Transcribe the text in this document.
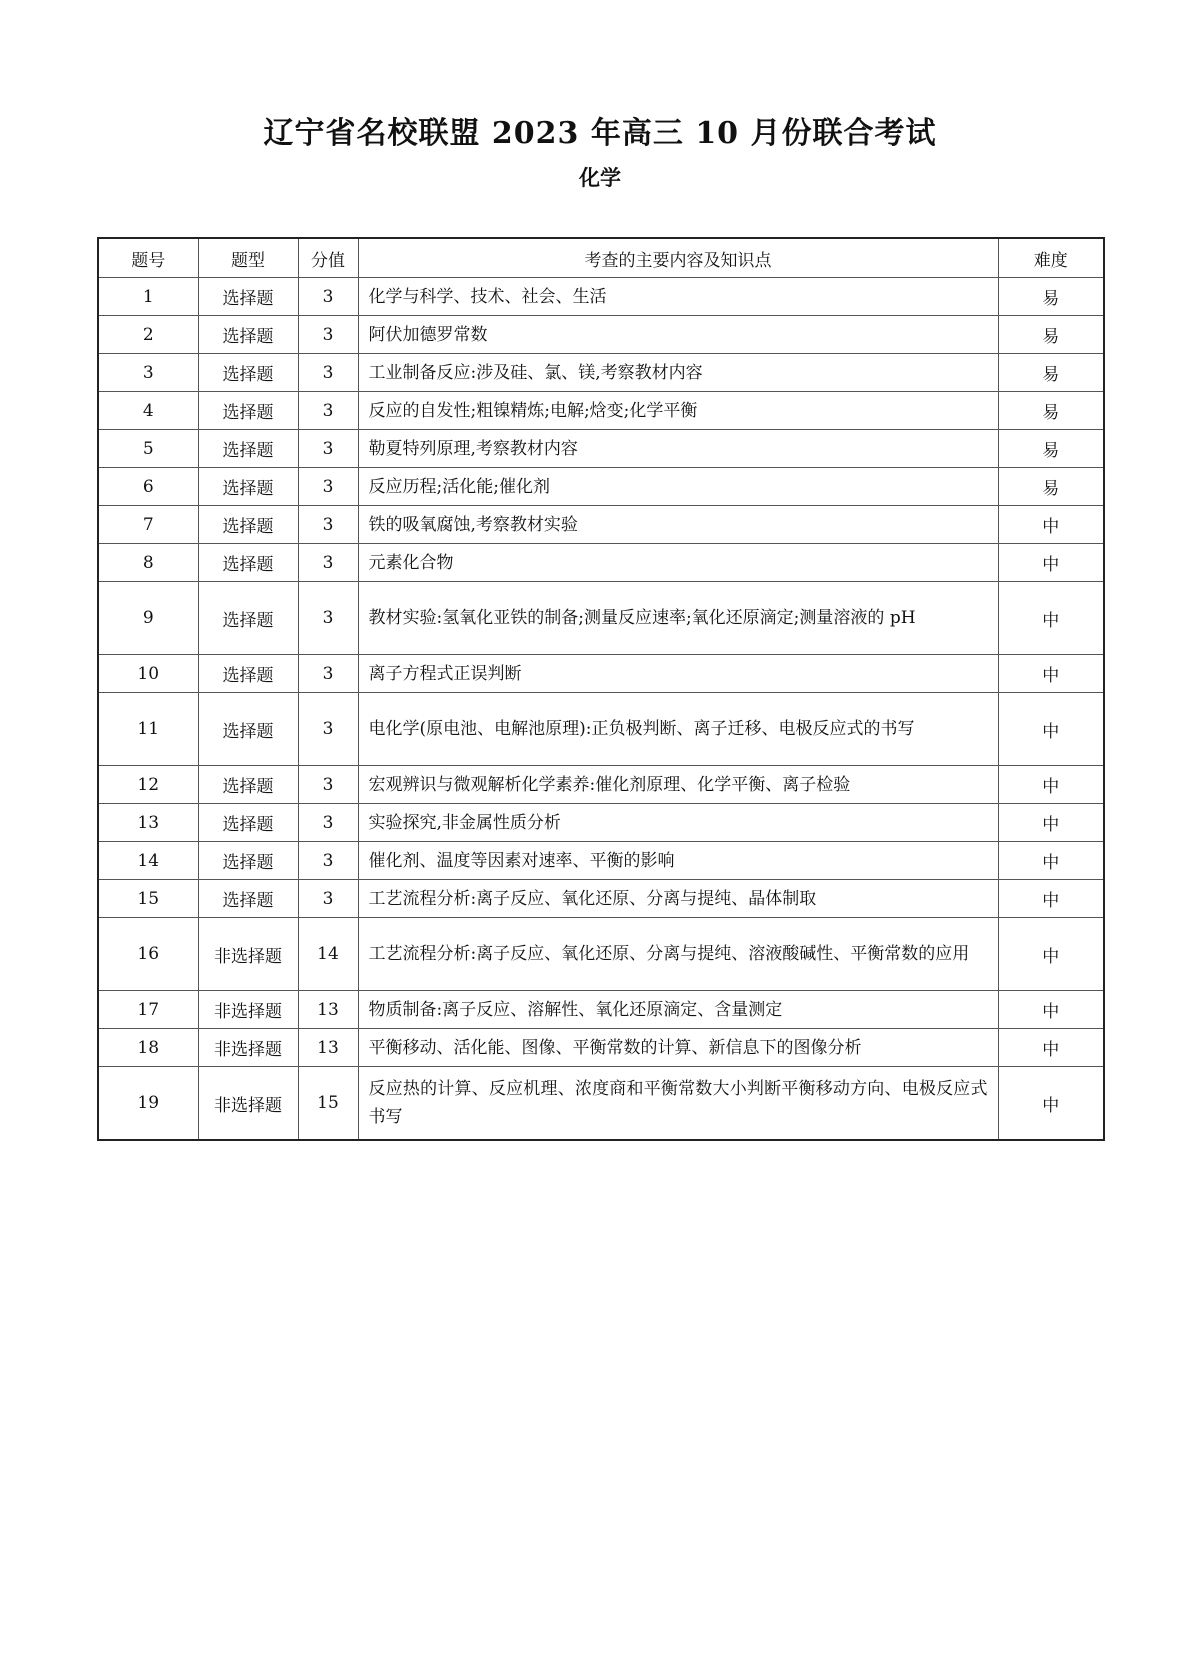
辽宁省名校联盟 2023 年高三 10 月份联合考试
化学
题号	题型	分值	考查的主要内容及知识点	难度
1	选择题	3	化学与科学、技术、社会、生活	易
2	选择题	3	阿伏加德罗常数	易
3	选择题	3	工业制备反应:涉及硅、氯、镁,考察教材内容	易
4	选择题	3	反应的自发性;粗镍精炼;电解;焓变;化学平衡	易
5	选择题	3	勒夏特列原理,考察教材内容	易
6	选择题	3	反应历程;活化能;催化剂	易
7	选择题	3	铁的吸氧腐蚀,考察教材实验	中
8	选择题	3	元素化合物	中
9	选择题	3	教材实验:氢氧化亚铁的制备;测量反应速率;氧化还原滴定;测量溶液的 pH	中
10	选择题	3	离子方程式正误判断	中
11	选择题	3	电化学(原电池、电解池原理):正负极判断、离子迁移、电极反应式的书写	中
12	选择题	3	宏观辨识与微观解析化学素养:催化剂原理、化学平衡、离子检验	中
13	选择题	3	实验探究,非金属性质分析	中
14	选择题	3	催化剂、温度等因素对速率、平衡的影响	中
15	选择题	3	工艺流程分析:离子反应、氧化还原、分离与提纯、晶体制取	中
16	非选择题	14	工艺流程分析:离子反应、氧化还原、分离与提纯、溶液酸碱性、平衡常数的应用	中
17	非选择题	13	物质制备:离子反应、溶解性、氧化还原滴定、含量测定	中
18	非选择题	13	平衡移动、活化能、图像、平衡常数的计算、新信息下的图像分析	中
19	非选择题	15	反应热的计算、反应机理、浓度商和平衡常数大小判断平衡移动方向、电极反应式书写	中
